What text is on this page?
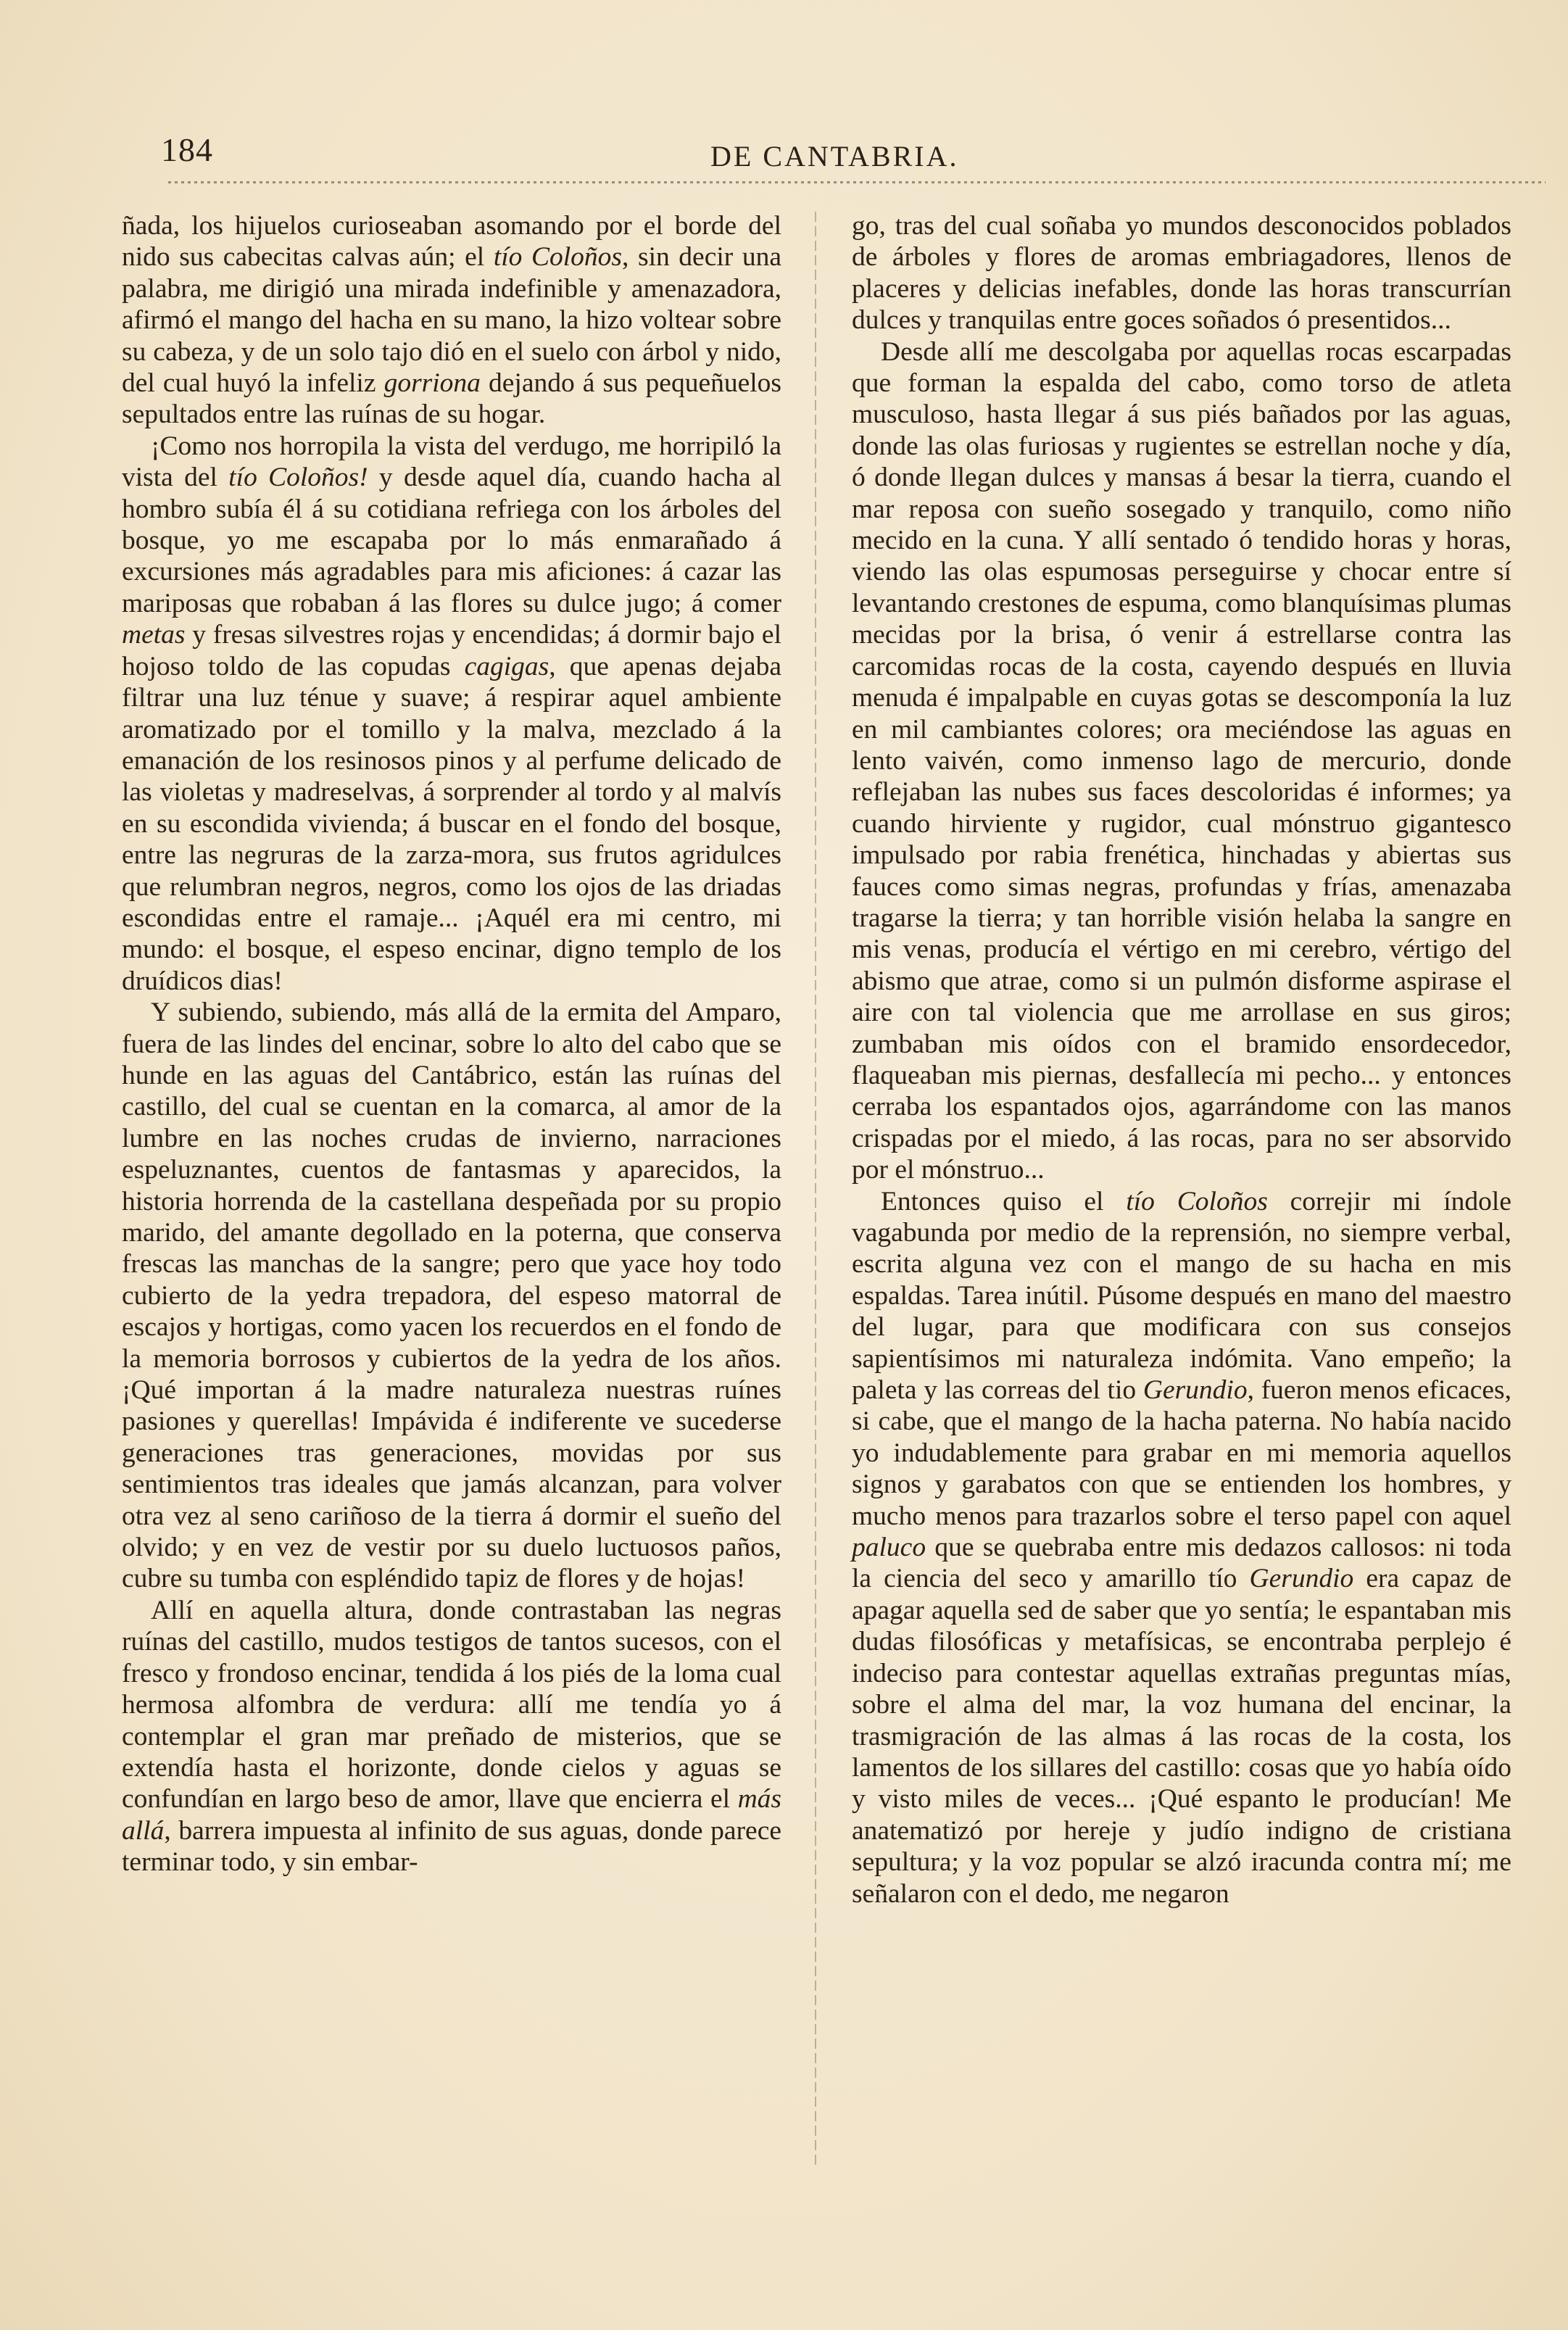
184	DE CANTABRIA.

ñada, los hijuelos curioseaban asomando por el borde del nido sus cabecitas calvas aún; el tío Coloños, sin decir una palabra, me dirigió una mirada indefinible y amenazadora, afirmó el mango del hacha en su mano, la hizo voltear sobre su cabeza, y de un solo tajo dió en el suelo con árbol y nido, del cual huyó la infeliz gorriona dejando á sus pequeñuelos sepultados entre las ruínas de su hogar.

¡Como nos horropila la vista del verdugo, me horripiló la vista del tío Coloños! y desde aquel día, cuando hacha al hombro subía él á su cotidiana refriega con los árboles del bosque, yo me escapaba por lo más enmarañado á excursiones más agradables para mis aficiones: á cazar las mariposas que robaban á las flores su dulce jugo; á comer metas y fresas silvestres rojas y encendidas; á dormir bajo el hojoso toldo de las copudas cagigas, que apenas dejaba filtrar una luz ténue y suave; á respirar aquel ambiente aromatizado por el tomillo y la malva, mezclado á la emanación de los resinosos pinos y al perfume delicado de las violetas y madreselvas, á sorprender al tordo y al malvís en su escondida vivienda; á buscar en el fondo del bosque, entre las negruras de la zarza-mora, sus frutos agridulces que relumbran negros, negros, como los ojos de las driadas escondidas entre el ramaje... ¡Aquél era mi centro, mi mundo: el bosque, el espeso encinar, digno templo de los druídicos dias!

Y subiendo, subiendo, más allá de la ermita del Amparo, fuera de las lindes del encinar, sobre lo alto del cabo que se hunde en las aguas del Cantábrico, están las ruínas del castillo, del cual se cuentan en la comarca, al amor de la lumbre en las noches crudas de invierno, narraciones espeluznantes, cuentos de fantasmas y aparecidos, la historia horrenda de la castellana despeñada por su propio marido, del amante degollado en la poterna, que conserva frescas las manchas de la sangre; pero que yace hoy todo cubierto de la yedra trepadora, del espeso matorral de escajos y hortigas, como yacen los recuerdos en el fondo de la memoria borrosos y cubiertos de la yedra de los años. ¡Qué importan á la madre naturaleza nuestras ruínes pasiones y querellas! Impávida é indiferente ve sucederse generaciones tras generaciones, movidas por sus sentimientos tras ideales que jamás alcanzan, para volver otra vez al seno cariñoso de la tierra á dormir el sueño del olvido; y en vez de vestir por su duelo luctuosos paños, cubre su tumba con espléndido tapiz de flores y de hojas!

Allí en aquella altura, donde contrastaban las negras ruínas del castillo, mudos testigos de tantos sucesos, con el fresco y frondoso encinar, tendida á los piés de la loma cual hermosa alfombra de verdura: allí me tendía yo á contemplar el gran mar preñado de misterios, que se extendía hasta el horizonte, donde cielos y aguas se confundían en largo beso de amor, llave que encierra el más allá, barrera impuesta al infinito de sus aguas, donde parece terminar todo, y sin embar-

go, tras del cual soñaba yo mundos desconocidos poblados de árboles y flores de aromas embriagadores, llenos de placeres y delicias inefables, donde las horas transcurrían dulces y tranquilas entre goces soñados ó presentidos...

Desde allí me descolgaba por aquellas rocas escarpadas que forman la espalda del cabo, como torso de atleta musculoso, hasta llegar á sus piés bañados por las aguas, donde las olas furiosas y rugientes se estrellan noche y día, ó donde llegan dulces y mansas á besar la tierra, cuando el mar reposa con sueño sosegado y tranquilo, como niño mecido en la cuna. Y allí sentado ó tendido horas y horas, viendo las olas espumosas perseguirse y chocar entre sí levantando crestones de espuma, como blanquísimas plumas mecidas por la brisa, ó venir á estrellarse contra las carcomidas rocas de la costa, cayendo después en lluvia menuda é impalpable en cuyas gotas se descomponía la luz en mil cambiantes colores; ora meciéndose las aguas en lento vaivén, como inmenso lago de mercurio, donde reflejaban las nubes sus faces descoloridas é informes; ya cuando hirviente y rugidor, cual mónstruo gigantesco impulsado por rabia frenética, hinchadas y abiertas sus fauces como simas negras, profundas y frías, amenazaba tragarse la tierra; y tan horrible visión helaba la sangre en mis venas, producía el vértigo en mi cerebro, vértigo del abismo que atrae, como si un pulmón disforme aspirase el aire con tal violencia que me arrollase en sus giros; zumbaban mis oídos con el bramido ensordecedor, flaqueaban mis piernas, desfallecía mi pecho... y entonces cerraba los espantados ojos, agarrándome con las manos crispadas por el miedo, á las rocas, para no ser absorvido por el mónstruo...

Entonces quiso el tío Coloños correjir mi índole vagabunda por medio de la reprensión, no siempre verbal, escrita alguna vez con el mango de su hacha en mis espaldas. Tarea inútil. Púsome después en mano del maestro del lugar, para que modificara con sus consejos sapientísimos mi naturaleza indómita. Vano empeño; la paleta y las correas del tio Gerundio, fueron menos eficaces, si cabe, que el mango de la hacha paterna. No había nacido yo indudablemente para grabar en mi memoria aquellos signos y garabatos con que se entienden los hombres, y mucho menos para trazarlos sobre el terso papel con aquel paluco que se quebraba entre mis dedazos callosos: ni toda la ciencia del seco y amarillo tío Gerundio era capaz de apagar aquella sed de saber que yo sentía; le espantaban mis dudas filosóficas y metafísicas, se encontraba perplejo é indeciso para contestar aquellas extrañas preguntas mías, sobre el alma del mar, la voz humana del encinar, la trasmigración de las almas á las rocas de la costa, los lamentos de los sillares del castillo: cosas que yo había oído y visto miles de veces... ¡Qué espanto le producían! Me anatematizó por hereje y judío indigno de cristiana sepultura; y la voz popular se alzó iracunda contra mí; me señalaron con el dedo, me negaron
